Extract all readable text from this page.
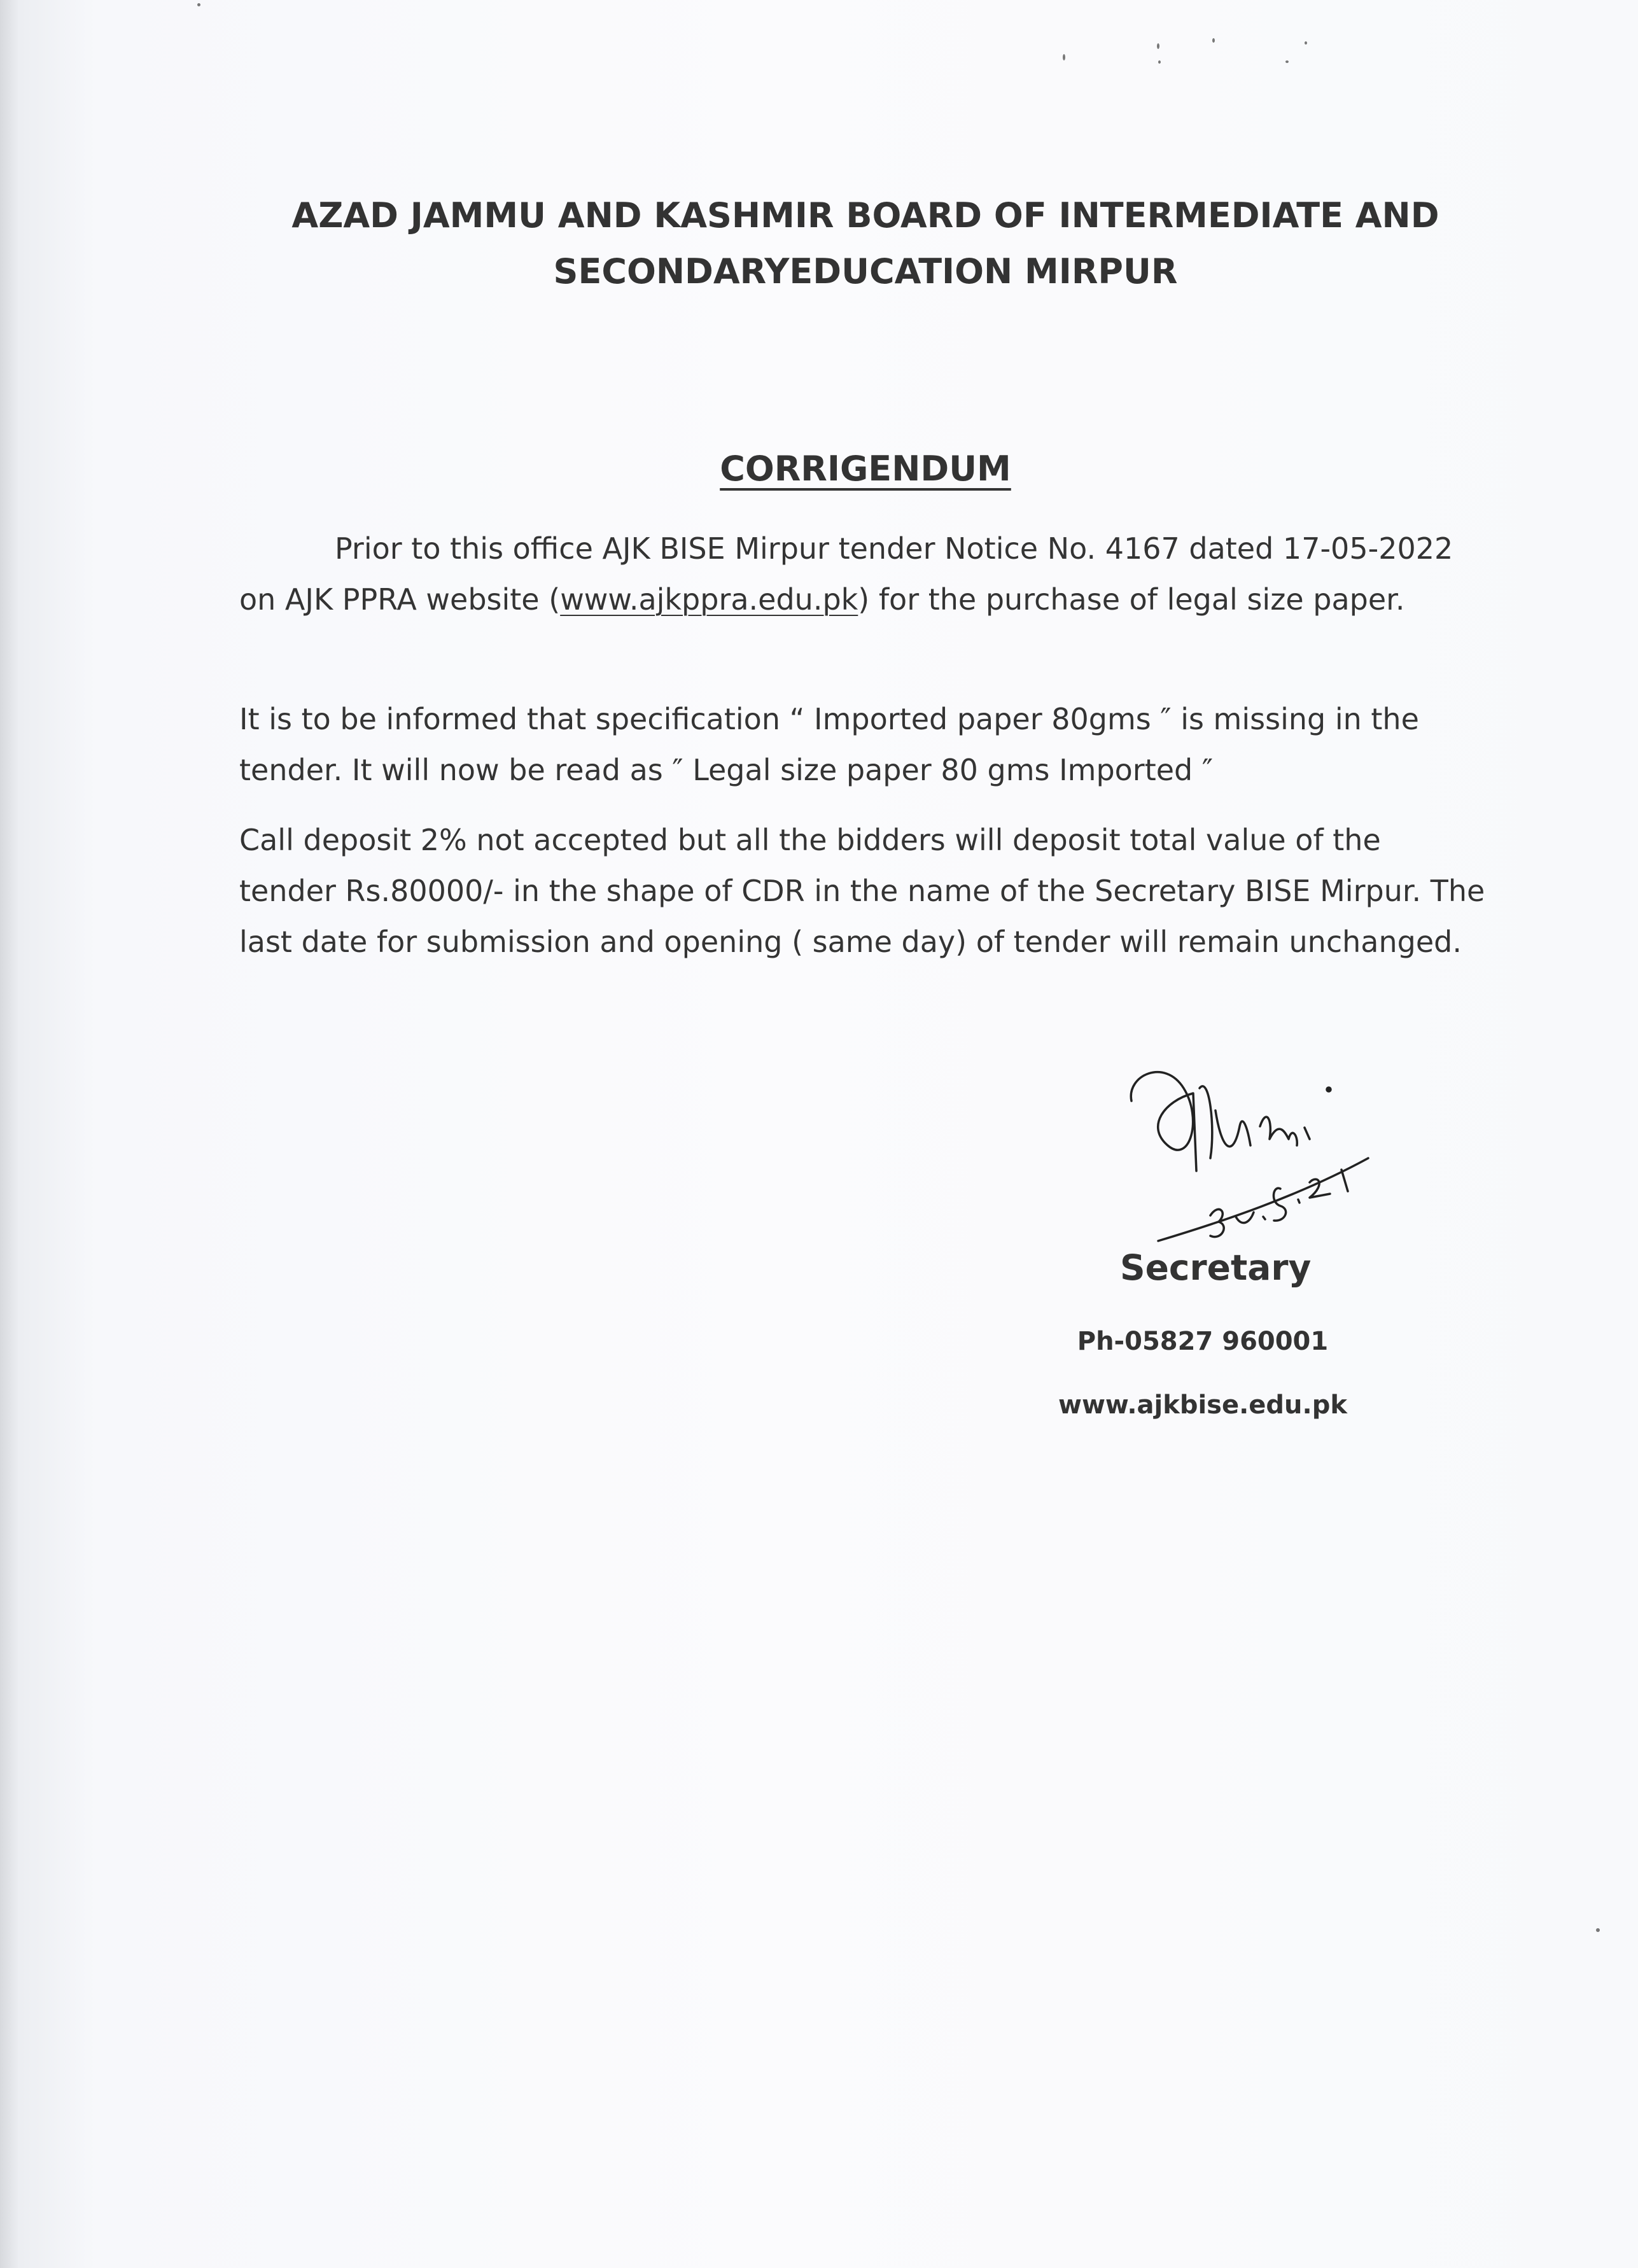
AZAD JAMMU AND KASHMIR BOARD OF INTERMEDIATE AND

SECONDARYEDUCATION MIRPUR

CORRIGENDUM

Prior to this office AJK BISE Mirpur tender Notice No. 4167 dated 17-05-2022 on AJK PPRA website (www.ajkppra.edu.pk) for the purchase of legal size paper.

It is to be informed that specification “ Imported paper 80gms ″ is missing in the tender. It will now be read as ″ Legal size paper 80 gms Imported ″

Call deposit 2% not accepted but all the bidders will deposit total value of the tender Rs.80000/- in the shape of CDR in the name of the Secretary BISE Mirpur. The last date for submission and opening ( same day) of tender will remain unchanged.

Secretary

Ph-05827 960001

www.ajkbise.edu.pk
